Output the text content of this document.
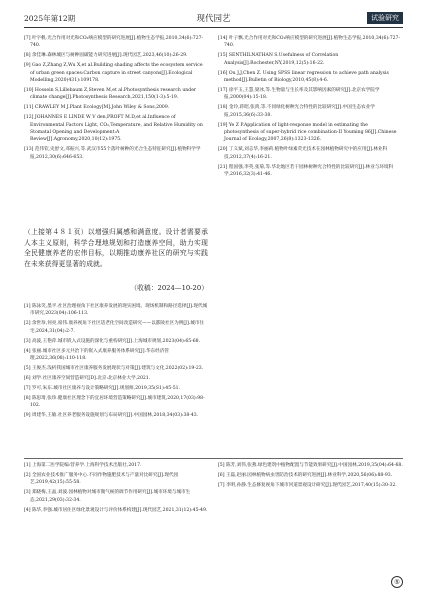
2025年第12期	现代园艺	试验研究

[7] 叶字帆.光合作用对光和CO₂响应模型的研究进展[J].植物生态学报,2010,34(6):727-740.

[8] 余佳琳.森林城区与树种固碳能力研究进展[J].现代园艺,2023,46(10):26-29.

[9] Gao Z,Zhang Z,Wu X,et al.Building shading affects the ecosystem service of urban green spaces:Carbon capture in street canyons[J].Ecological Modelling,2020(431):109178.

[10] Hossein S,Lillebaum Z,Steven M,et al.Photosynthesis research under climate change[J].Photosynthesis Research,2021,150(1-3):5-19.

[11] CRAWLEY M J.Plant Ecology[M].John Wiley & Sons,2009.

[12] JOHANNES E LINDE W V den,PROFT M.D,et al.Influence of Environmental Factors Light, CO₂,Temperature, and Relative Humidity on Stomatal Opening and Development:A Review[J].Agronomy,2020,10(12):1975.

[13] 范伟钦,史舒文,邓振兴,等.武汉市55个落叶树种的光合生态特征研究[J].植物科学学报,2012,30(6):646-653.

（上接第４８１页）以增强归属感和满意度。设计者需要承人本主义原则，科学合理地规划和打造康养空间，助力实现全民健康养老的宏伟目标，以期推动康养社区的研究与实践在未来获得更显著的成就。
（收稿：2024—10-20）

[1] 陈泳笑,墨平.社区治理视角下社区康养发展的现实困境、现场机制和路径选择[J].现代城市研究,2023(04):106-113.

[2] 余世珍,何亮,席伟.康养视角下社区适老化空间改造研究——以都陵社区为例[J].城市住宅,2024,31(04):2-7.

[3] 高波,王艳萍.城市嵌入式设施的深化与重构研究[J].上海城市规划,2023(04):65-68.

[4] 张丽.城市社区多元共治下的嵌入式康养服务体系研究[J].华东经济管理,2022,36(08):110-118.

[5] 王俊杰.浅析我国城市社区康养服务发展现状与对策[J].建筑与文化,2022(02):19-23.

[6] 刘学.社区康养空间营造研究[D].北京:北京林业大学,2021.

[7] 罗可,朱东.城市社区康养与设计策略研究[J].规划师,2019,35(S1):45-51.

[8] 陈思琦,张珍.健康社区理念下的宜居环境营造策略研究[J].城市建筑,2020,17(03):98-102.

[9] 周建华,王敏.社区养老服务设施规划与布局研究[J].中国园林,2018,34(03):38-43.

[14] 叶子飘.光合作用对光和CO₂响应模型的研究进展[J].植物生态学报,2010,34(6):727-740.

[15] SENTHILNATHAN S.Usefulness of Correlation Analysis[J].Rochester,NY,2019,12(5):16-22.

[16] Ou J,J,Chen Z. Using SPSS linear regression to achieve path analysis method[J].Bulletin of Biology,2010,45(8):4-6.

[17] 徐平玉,王慧,梁冰,等.生物量与生长率及其影响因素的研究[J].北京农学院学报,2000(04):15-18.

[18] 金玲,蒋昭,张鸿,等.不同绿化树种光合特性的比较研究[J].中国生态农业学报,2015,36(6):33-38.

[19] Ye Z P.Application of light-response model in estimating the photosynthesis of super-hybrid rice combination-II Youming 86[J].Chinese Journal of Ecology,2007,26(8):1323-1326.

[20] 丁义斌,刘志华,李丽莉.植物叶绿素荧光技术在园林植物研究中的应用[J].林业科技,2012,37(4):16-21.

[21] 程国强,李英,张菊,等.华北地区若干园林树种光合特性的比较研究[J].林业与环境科学,2016,32(3):41-46.

[1] 上海第二医学院编:营养学.上海科学技术出版社,2017.

[2] 全国农业技术推广服务中心.不同作物施肥技术与产量对比研究[J].现代园艺,2019,42(15):55-58.

[3] 郑晓梅,王晶,刘波.园林植物对城市微气候的调节作用研究[J].城市环境与城市生态,2021,29(03):32-34.

[4] 陈华,李强.城市居住区绿化景观设计与评价体系构建[J].现代园艺,2021,31(12):45-49.

[5] 陈芳,刘伟,张燕.绿色建筑中植物配置与节能效果研究[J].中国园林,2019,35(04):64-68.

[6] 王磊,赵丽.园林植物病虫害防治技术的研究进展[J].林业科学,2020,56(06):88-93.

[7] 李明,孙静.生态修复视角下城市河道景观设计研究[J].现代园艺,2017,40(15):30-32.

⑤
